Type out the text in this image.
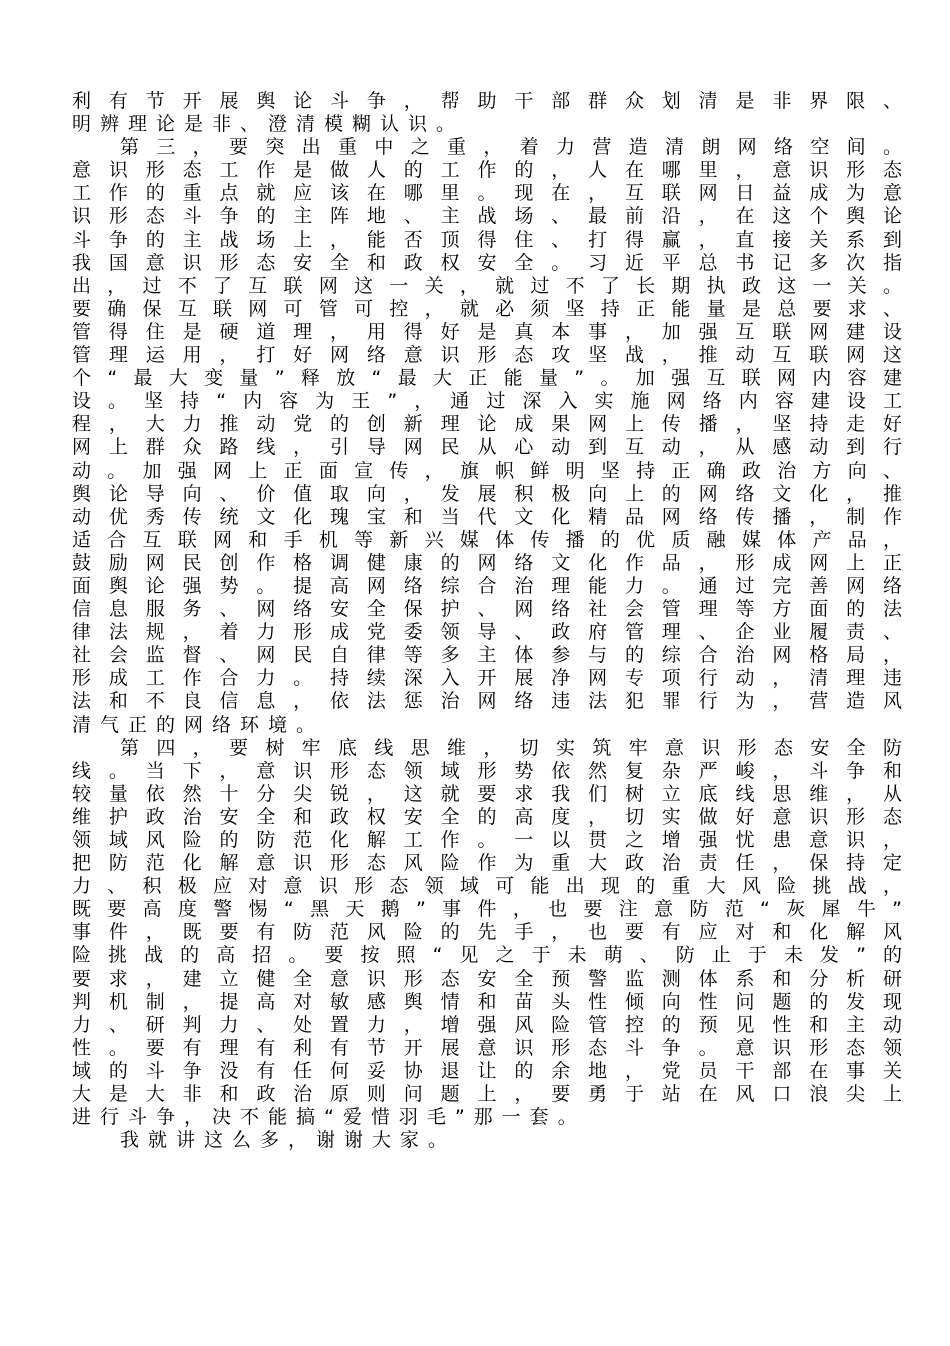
利有节开展舆论斗争，帮助干部群众划清是非界限、
明辨理论是非、澄清模糊认识。
第三，要突出重中之重，着力营造清朗网络空间。
意识形态工作是做人的工作的，人在哪里，意识形态
工作的重点就应该在哪里。现在，互联网日益成为意
识形态斗争的主阵地、主战场、最前沿，在这个舆论
斗争的主战场上，能否顶得住、打得赢，直接关系到
我国意识形态安全和政权安全。习近平总书记多次指
出，过不了互联网这一关，就过不了长期执政这一关。
要确保互联网可管可控，就必须坚持正能量是总要求、
管得住是硬道理，用得好是真本事，加强互联网建设
管理运用，打好网络意识形态攻坚战，推动互联网这
个“最大变量”释放“最大正能量”。加强互联网内容建
设。坚持“内容为王”，通过深入实施网络内容建设工
程，大力推动党的创新理论成果网上传播，坚持走好
网上群众路线，引导网民从心动到互动，从感动到行
动。加强网上正面宣传，旗帜鲜明坚持正确政治方向、
舆论导向、价值取向，发展积极向上的网络文化，推
动优秀传统文化瑰宝和当代文化精品网络传播，制作
适合互联网和手机等新兴媒体传播的优质融媒体产品，
鼓励网民创作格调健康的网络文化作品，形成网上正
面舆论强势。提高网络综合治理能力。通过完善网络
信息服务、网络安全保护、网络社会管理等方面的法
律法规，着力形成党委领导、政府管理、企业履责、
社会监督、网民自律等多主体参与的综合治网格局，
形成工作合力。持续深入开展净网专项行动，清理违
法和不良信息，依法惩治网络违法犯罪行为，营造风
清气正的网络环境。
第四，要树牢底线思维，切实筑牢意识形态安全防
线。当下，意识形态领域形势依然复杂严峻，斗争和
较量依然十分尖锐，这就要求我们树立底线思维，从
维护政治安全和政权安全的高度，切实做好意识形态
领域风险的防范化解工作。一以贯之增强忧患意识，
把防范化解意识形态风险作为重大政治责任，保持定
力、积极应对意识形态领域可能出现的重大风险挑战，
既要高度警惕“黑天鹅”事件，也要注意防范“灰犀牛”
事件，既要有防范风险的先手，也要有应对和化解风
险挑战的高招。要按照“见之于未萌、防止于未发”的
要求，建立健全意识形态安全预警监测体系和分析研
判机制，提高对敏感舆情和苗头性倾向性问题的发现
力、研判力、处置力，增强风险管控的预见性和主动
性。要有理有利有节开展意识形态斗争。意识形态领
域的斗争没有任何妥协退让的余地，党员干部在事关
大是大非和政治原则问题上，要勇于站在风口浪尖上
进行斗争，决不能搞“爱惜羽毛”那一套。
我就讲这么多，谢谢大家。
